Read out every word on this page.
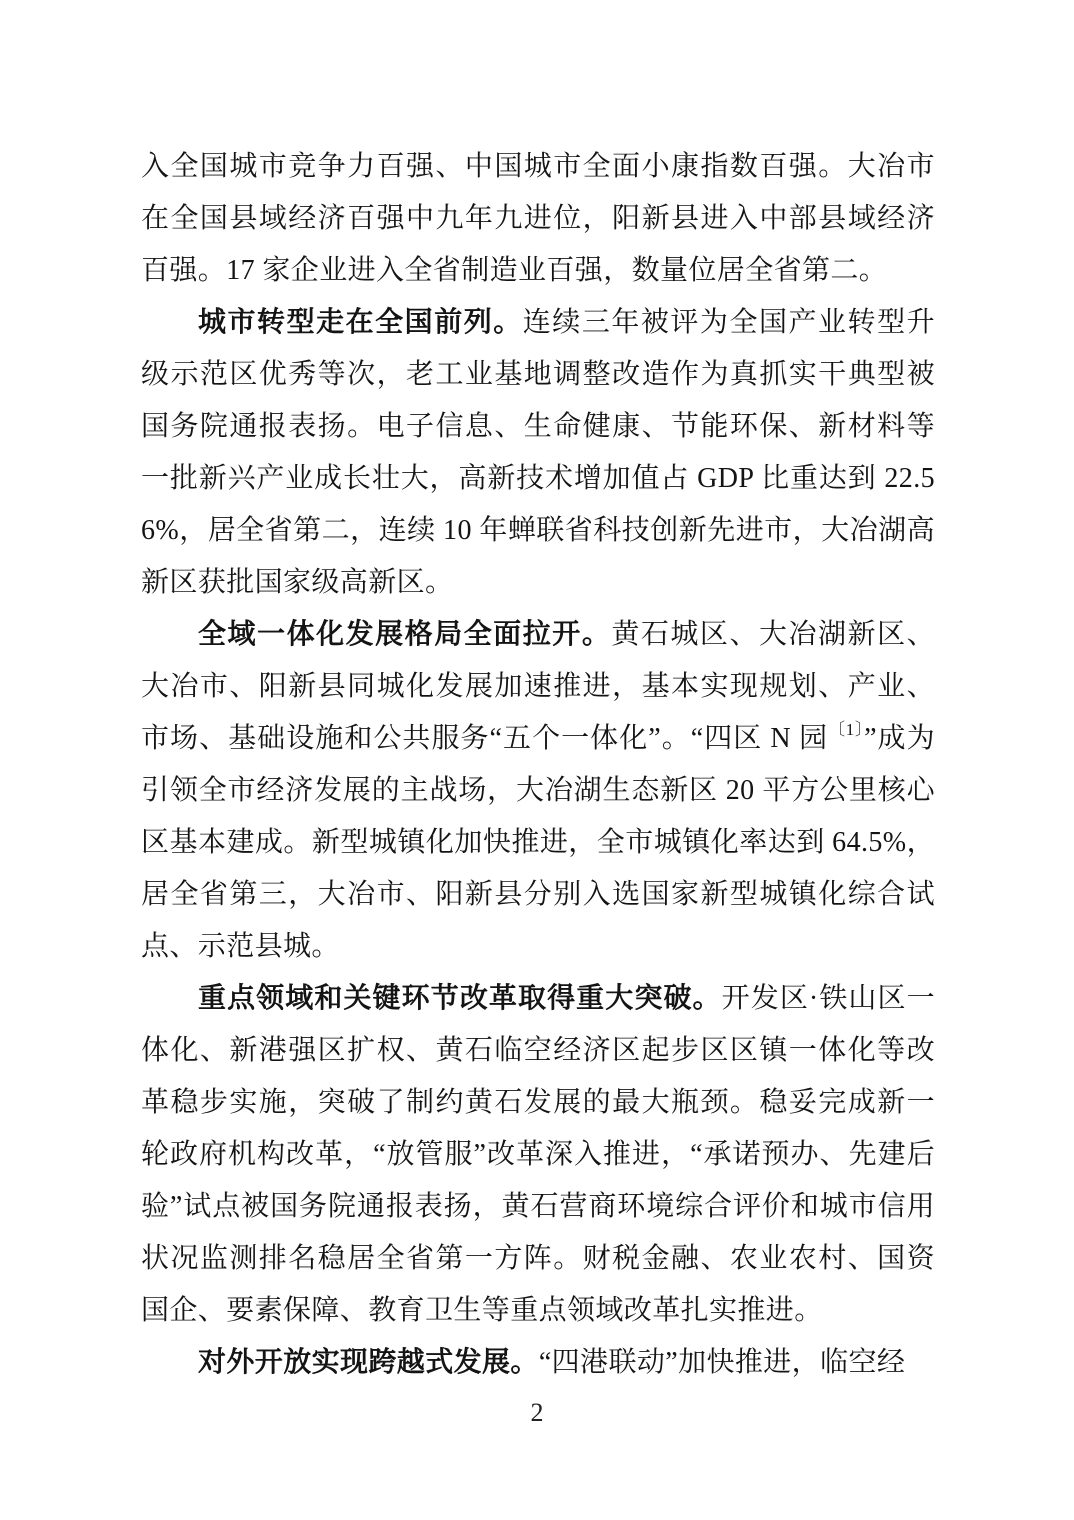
入全国城市竞争力百强、中国城市全面小康指数百强。大冶市在全国县域经济百强中九年九进位，阳新县进入中部县域经济百强。17 家企业进入全省制造业百强，数量位居全省第二。

城市转型走在全国前列。连续三年被评为全国产业转型升级示范区优秀等次，老工业基地调整改造作为真抓实干典型被国务院通报表扬。电子信息、生命健康、节能环保、新材料等一批新兴产业成长壮大，高新技术增加值占 GDP 比重达到 22.56%，居全省第二，连续 10 年蝉联省科技创新先进市，大冶湖高新区获批国家级高新区。

全域一体化发展格局全面拉开。黄石城区、大冶湖新区、大冶市、阳新县同城化发展加速推进，基本实现规划、产业、市场、基础设施和公共服务“五个一体化”。“四区 N 园$^{〔1〕}$”成为引领全市经济发展的主战场，大冶湖生态新区 20 平方公里核心区基本建成。新型城镇化加快推进，全市城镇化率达到 64.5%，居全省第三，大冶市、阳新县分别入选国家新型城镇化综合试点、示范县城。

重点领域和关键环节改革取得重大突破。开发区·铁山区一体化、新港强区扩权、黄石临空经济区起步区区镇一体化等改革稳步实施，突破了制约黄石发展的最大瓶颈。稳妥完成新一轮政府机构改革，“放管服”改革深入推进，“承诺预办、先建后验”试点被国务院通报表扬，黄石营商环境综合评价和城市信用状况监测排名稳居全省第一方阵。财税金融、农业农村、国资国企、要素保障、教育卫生等重点领域改革扎实推进。

对外开放实现跨越式发展。“四港联动”加快推进，临空经

2
